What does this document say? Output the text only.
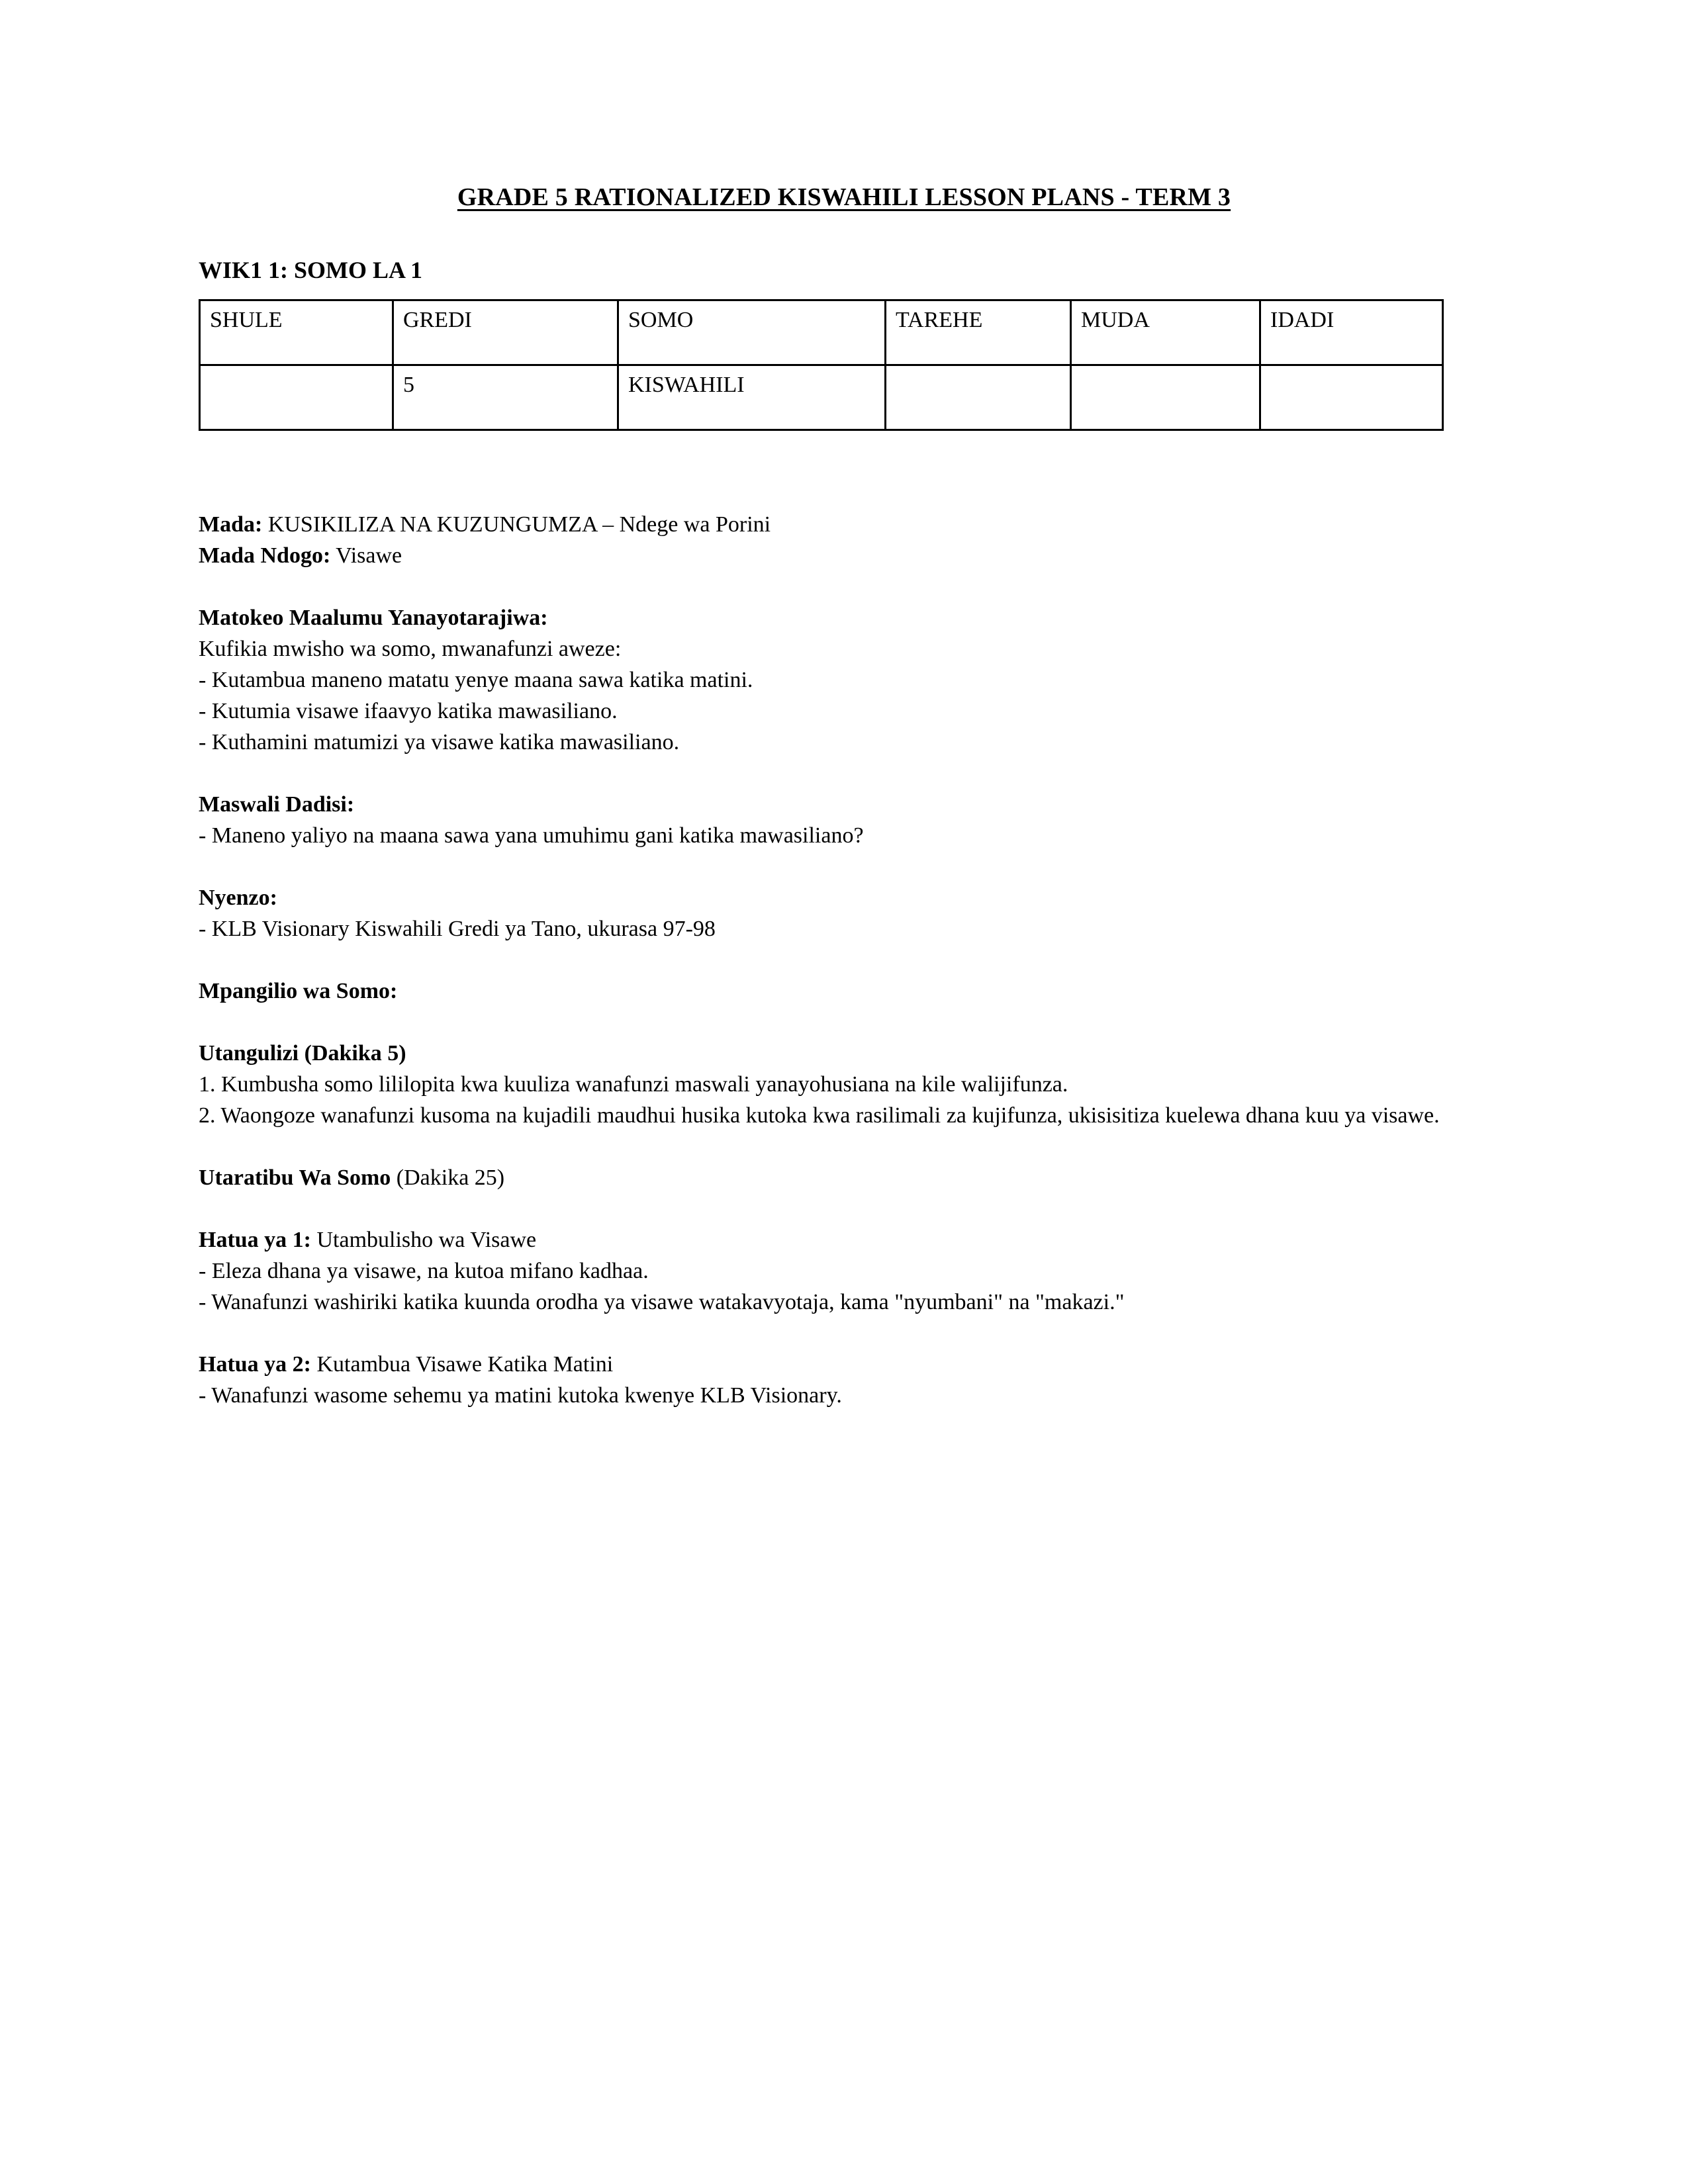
GRADE 5 RATIONALIZED KISWAHILI LESSON PLANS - TERM 3
WIK1 1: SOMO LA 1
SHULE	GREDI	SOMO	TAREHE	MUDA	IDADI
	5	KISWAHILI			
Mada: KUSIKILIZA NA KUZUNGUMZA – Ndege wa Porini
Mada Ndogo: Visawe
Matokeo Maalumu Yanayotarajiwa:
Kufikia mwisho wa somo, mwanafunzi aweze:
- Kutambua maneno matatu yenye maana sawa katika matini.
- Kutumia visawe ifaavyo katika mawasiliano.
- Kuthamini matumizi ya visawe katika mawasiliano.
Maswali Dadisi:
- Maneno yaliyo na maana sawa yana umuhimu gani katika mawasiliano?
Nyenzo:
- KLB Visionary Kiswahili Gredi ya Tano, ukurasa 97-98
Mpangilio wa Somo:
Utangulizi (Dakika 5)
1. Kumbusha somo lililopita kwa kuuliza wanafunzi maswali yanayohusiana na kile walijifunza.
2. Waongoze wanafunzi kusoma na kujadili maudhui husika kutoka kwa rasilimali za kujifunza, ukisisitiza kuelewa dhana kuu ya visawe.
Utaratibu Wa Somo (Dakika 25)
Hatua ya 1: Utambulisho wa Visawe
- Eleza dhana ya visawe, na kutoa mifano kadhaa.
- Wanafunzi washiriki katika kuunda orodha ya visawe watakavyotaja, kama "nyumbani" na "makazi."
Hatua ya 2: Kutambua Visawe Katika Matini
- Wanafunzi wasome sehemu ya matini kutoka kwenye KLB Visionary.
